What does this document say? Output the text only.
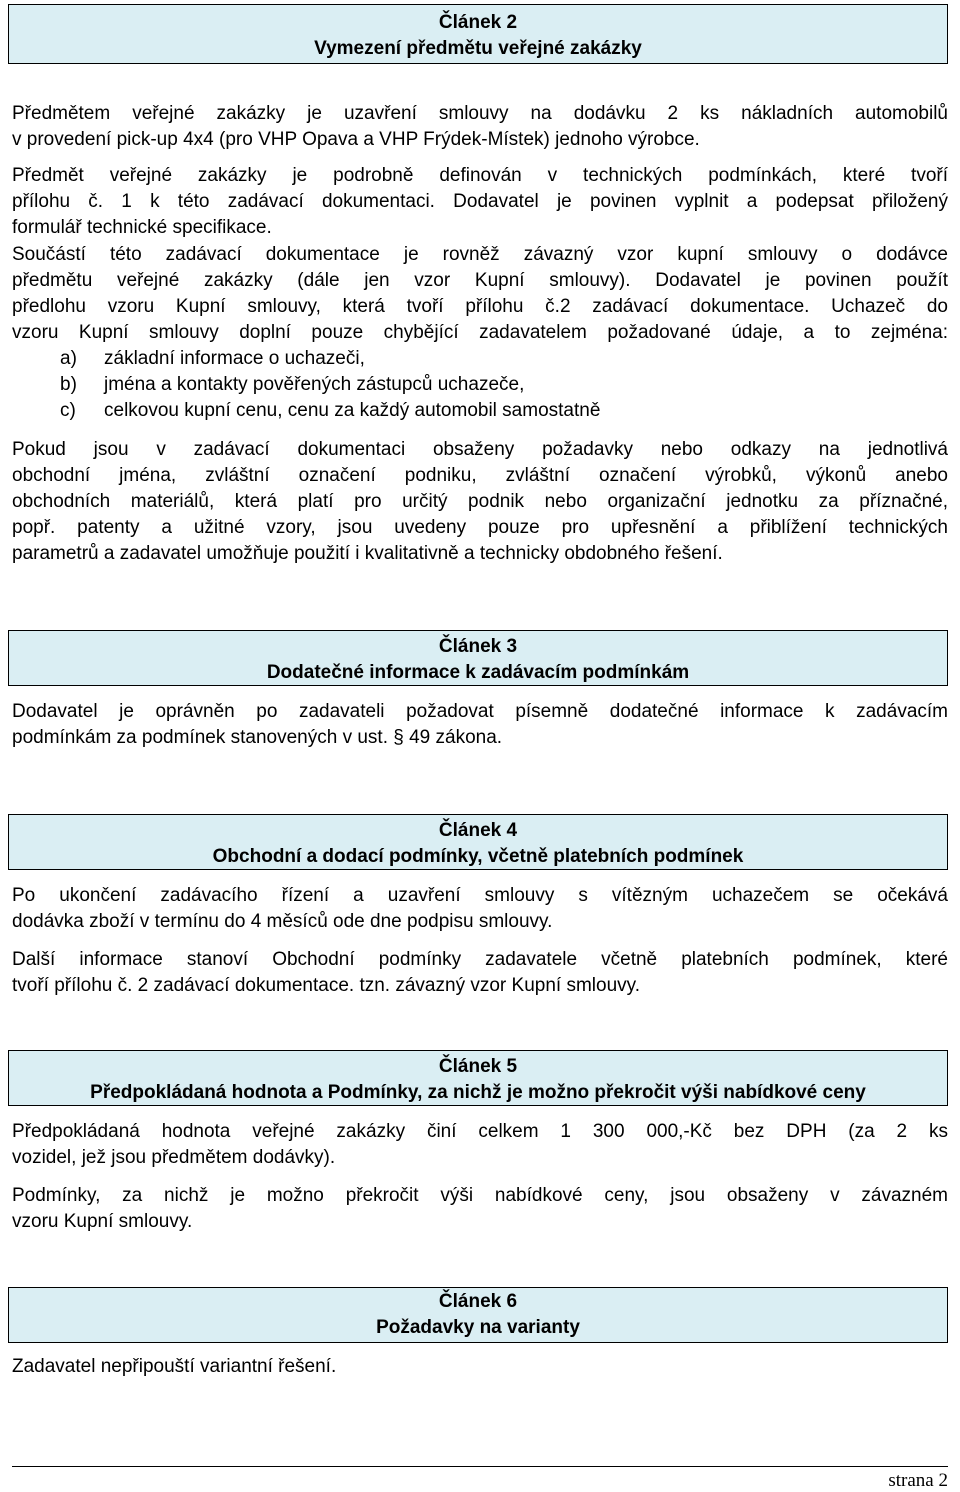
Článek 2
Vymezení předmětu veřejné zakázky
Předmětem veřejné zakázky je uzavření smlouvy na dodávku 2 ks nákladních automobilů
v provedení pick-up 4x4 (pro VHP Opava a VHP Frýdek-Místek) jednoho výrobce.
Předmět veřejné zakázky je podrobně definován v technických podmínkách, které tvoří
přílohu č. 1 k této zadávací dokumentaci. Dodavatel je povinen vyplnit a podepsat přiložený
formulář technické specifikace.
Součástí této zadávací dokumentace je rovněž závazný vzor kupní smlouvy o dodávce
předmětu veřejné zakázky (dále jen vzor Kupní smlouvy). Dodavatel je povinen použít
předlohu vzoru Kupní smlouvy, která tvoří přílohu č.2 zadávací dokumentace. Uchazeč do
vzoru Kupní smlouvy doplní pouze chybějící zadavatelem požadované údaje, a to zejména:
a) základní informace o uchazeči,
b) jména a kontakty pověřených zástupců uchazeče,
c) celkovou kupní cenu, cenu za každý automobil samostatně
Pokud jsou v zadávací dokumentaci obsaženy požadavky nebo odkazy na jednotlivá
obchodní jména, zvláštní označení podniku, zvláštní označení výrobků, výkonů anebo
obchodních materiálů, která platí pro určitý podnik nebo organizační jednotku za příznačné,
popř. patenty a užitné vzory, jsou uvedeny pouze pro upřesnění a přiblížení technických
parametrů a zadavatel umožňuje použití i kvalitativně a technicky obdobného řešení.
Článek 3
Dodatečné informace k zadávacím podmínkám
Dodavatel je oprávněn po zadavateli požadovat písemně dodatečné informace k zadávacím
podmínkám za podmínek stanovených v ust. § 49 zákona.
Článek 4
Obchodní a dodací podmínky, včetně platebních podmínek
Po ukončení zadávacího řízení a uzavření smlouvy s vítězným uchazečem se očekává
dodávka zboží v termínu do 4 měsíců ode dne podpisu smlouvy.
Další informace stanoví Obchodní podmínky zadavatele včetně platebních podmínek, které
tvoří přílohu č. 2 zadávací dokumentace. tzn. závazný vzor Kupní smlouvy.
Článek 5
Předpokládaná hodnota a Podmínky, za nichž je možno překročit výši nabídkové ceny
Předpokládaná hodnota veřejné zakázky činí celkem 1 300 000,-Kč bez DPH (za 2 ks
vozidel, jež jsou předmětem dodávky).
Podmínky, za nichž je možno překročit výši nabídkové ceny, jsou obsaženy v závazném
vzoru Kupní smlouvy.
Článek 6
Požadavky na varianty
Zadavatel nepřipouští variantní řešení.
strana 2
